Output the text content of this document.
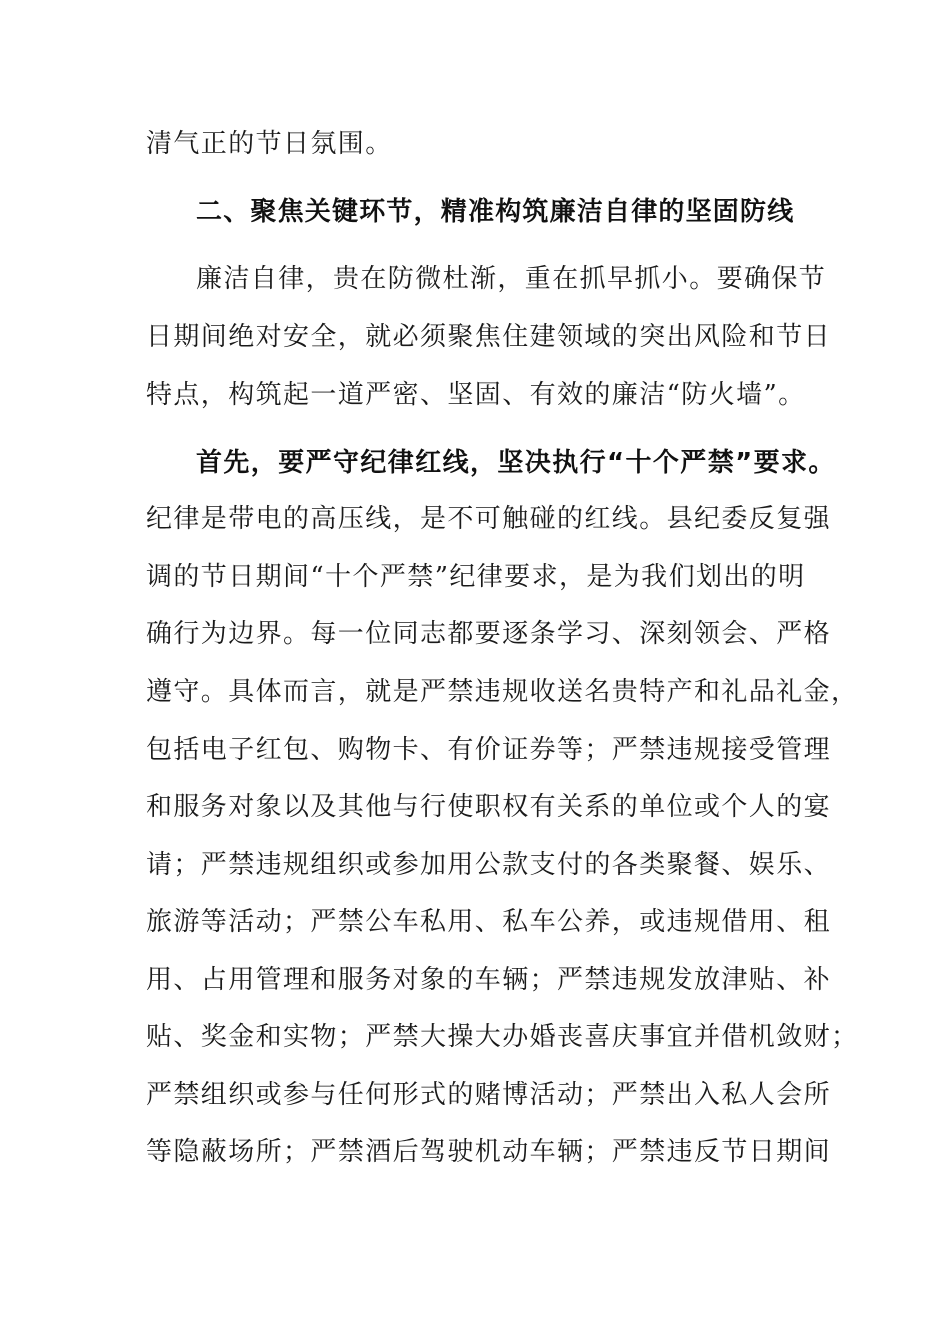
清气正的节日氛围。
二、聚焦关键环节，精准构筑廉洁自律的坚固防线
廉洁自律，贵在防微杜渐，重在抓早抓小。要确保节
日期间绝对安全，就必须聚焦住建领域的突出风险和节日
特点，构筑起一道严密、坚固、有效的廉洁“防火墙”。
首先，要严守纪律红线，坚决执行“十个严禁”要求。
纪律是带电的高压线，是不可触碰的红线。县纪委反复强
调的节日期间“十个严禁”纪律要求，是为我们划出的明
确行为边界。每一位同志都要逐条学习、深刻领会、严格
遵守。具体而言，就是严禁违规收送名贵特产和礼品礼金，
包括电子红包、购物卡、有价证券等；严禁违规接受管理
和服务对象以及其他与行使职权有关系的单位或个人的宴
请；严禁违规组织或参加用公款支付的各类聚餐、娱乐、
旅游等活动；严禁公车私用、私车公养，或违规借用、租
用、占用管理和服务对象的车辆；严禁违规发放津贴、补
贴、奖金和实物；严禁大操大办婚丧喜庆事宜并借机敛财；
严禁组织或参与任何形式的赌博活动；严禁出入私人会所
等隐蔽场所；严禁酒后驾驶机动车辆；严禁违反节日期间
